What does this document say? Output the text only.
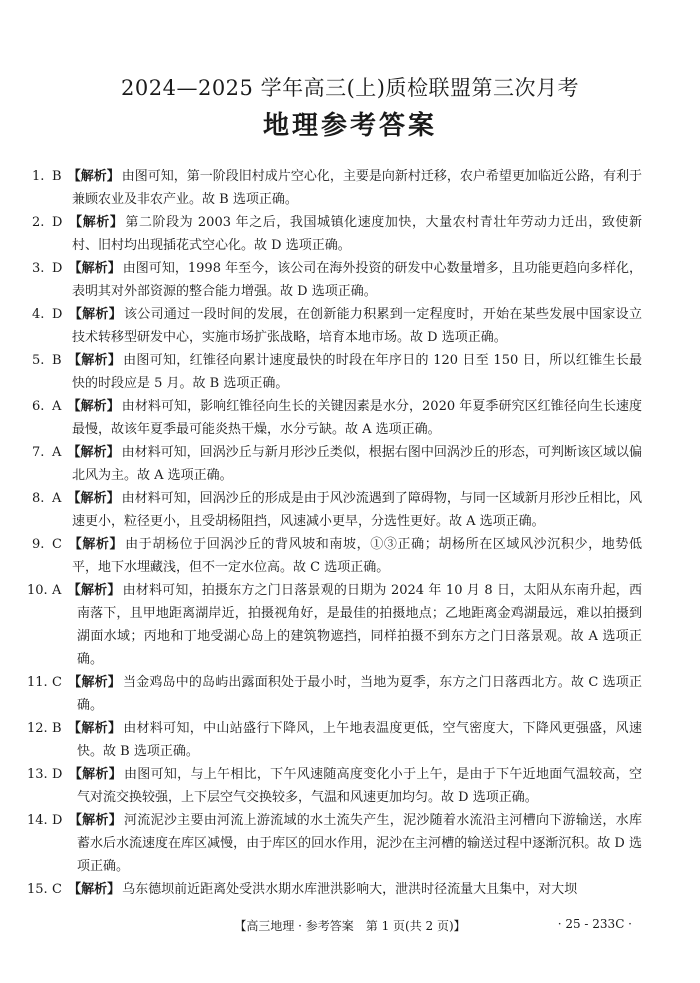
2024—2025 学年高三(上)质检联盟第三次月考
地理参考答案
1. B 【解析】 由图可知，第一阶段旧村成片空心化，主要是向新村迁移，农户希望更加临近公路，有利于兼顾农业及非农产业。故 B 选项正确。
2. D 【解析】 第二阶段为 2003 年之后，我国城镇化速度加快，大量农村青壮年劳动力迁出，致使新村、旧村均出现插花式空心化。故 D 选项正确。
3. D 【解析】 由图可知，1998 年至今，该公司在海外投资的研发中心数量增多，且功能更趋向多样化，表明其对外部资源的整合能力增强。故 D 选项正确。
4. D 【解析】 该公司通过一段时间的发展，在创新能力积累到一定程度时，开始在某些发展中国家设立技术转移型研发中心，实施市场扩张战略，培育本地市场。故 D 选项正确。
5. B 【解析】 由图可知，红锥径向累计速度最快的时段在年序日的 120 日至 150 日，所以红锥生长最快的时段应是 5 月。故 B 选项正确。
6. A 【解析】 由材料可知，影响红锥径向生长的关键因素是水分，2020 年夏季研究区红锥径向生长速度最慢，故该年夏季最可能炎热干燥，水分亏缺。故 A 选项正确。
7. A 【解析】 由材料可知，回涡沙丘与新月形沙丘类似，根据右图中回涡沙丘的形态，可判断该区域以偏北风为主。故 A 选项正确。
8. A 【解析】 由材料可知，回涡沙丘的形成是由于风沙流遇到了障碍物，与同一区域新月形沙丘相比，风速更小，粒径更小，且受胡杨阻挡，风速减小更早，分选性更好。故 A 选项正确。
9. C 【解析】 由于胡杨位于回涡沙丘的背风坡和南坡，①③正确；胡杨所在区域风沙沉积少，地势低平，地下水埋藏浅，但不一定水位高。故 C 选项正确。
10. A 【解析】 由材料可知，拍摄东方之门日落景观的日期为 2024 年 10 月 8 日，太阳从东南升起，西南落下，且甲地距离湖岸近，拍摄视角好，是最佳的拍摄地点；乙地距离金鸡湖最远，难以拍摄到湖面水域；丙地和丁地受湖心岛上的建筑物遮挡，同样拍摄不到东方之门日落景观。故 A 选项正确。
11. C 【解析】 当金鸡岛中的岛屿出露面积处于最小时，当地为夏季，东方之门日落西北方。故 C 选项正确。
12. B 【解析】 由材料可知，中山站盛行下降风，上午地表温度更低，空气密度大，下降风更强盛，风速快。故 B 选项正确。
13. D 【解析】 由图可知，与上午相比，下午风速随高度变化小于上午，是由于下午近地面气温较高，空气对流交换较强，上下层空气交换较多，气温和风速更加均匀。故 D 选项正确。
14. D 【解析】 河流泥沙主要由河流上游流域的水土流失产生，泥沙随着水流沿主河槽向下游输送，水库蓄水后水流速度在库区减慢，由于库区的回水作用，泥沙在主河槽的输送过程中逐渐沉积。故 D 选项正确。
15. C 【解析】 乌东德坝前近距离处受洪水期水库泄洪影响大，泄洪时径流量大且集中，对大坝
【高三地理 · 参考答案　第 1 页(共 2 页)】	· 25 - 233C ·
